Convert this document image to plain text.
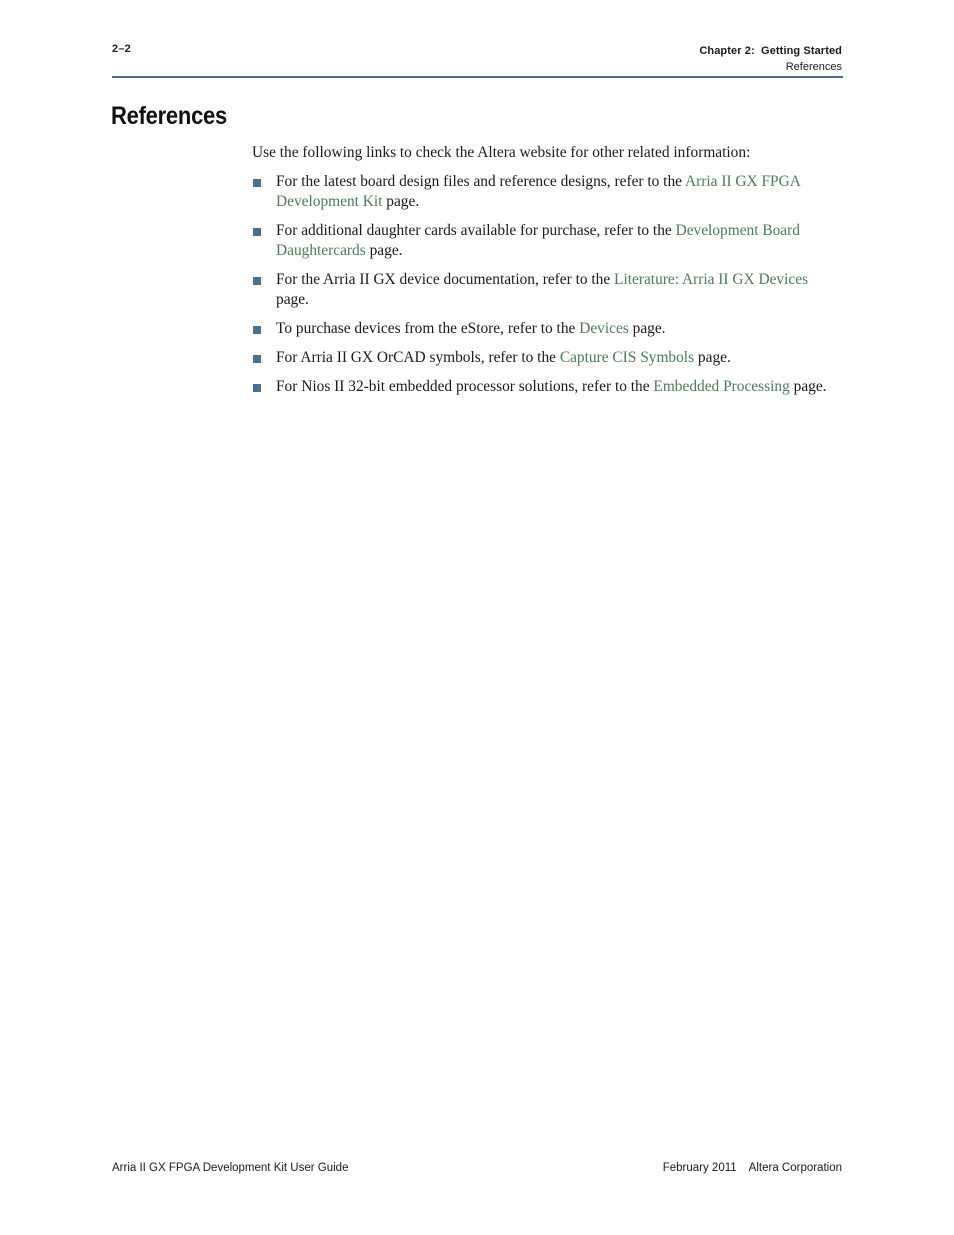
2–2	Chapter 2:  Getting Started
References
References

Use the following links to check the Altera website for other related information:

For the latest board design files and reference designs, refer to the Arria II GX FPGA Development Kit page.
For additional daughter cards available for purchase, refer to the Development Board Daughtercards page.
For the Arria II GX device documentation, refer to the Literature: Arria II GX Devices page.
To purchase devices from the eStore, refer to the Devices page.
For Arria II GX OrCAD symbols, refer to the Capture CIS Symbols page.
For Nios II 32-bit embedded processor solutions, refer to the Embedded Processing page.
Arria II GX FPGA Development Kit User Guide	February 2011 Altera Corporation
